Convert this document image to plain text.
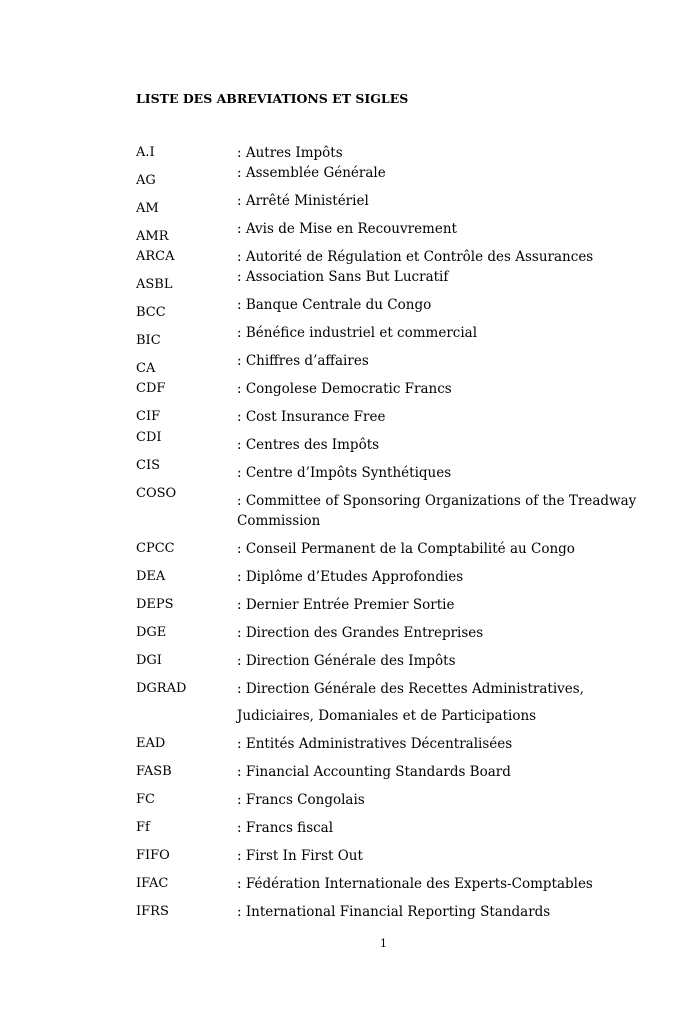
LISTE DES ABREVIATIONS ET SIGLES
A.I	: Autres Impôts
AG	: Assemblée Générale
AM	: Arrêté Ministériel
AMR	: Avis de Mise en Recouvrement
ARCA	: Autorité de Régulation et Contrôle des Assurances
ASBL	: Association Sans But Lucratif
BCC	: Banque Centrale du Congo
BIC	: Bénéfice industriel et commercial
CA	: Chiffres d’affaires
CDF	: Congolese Democratic Francs
CIF	: Cost Insurance Free
CDI	: Centres des Impôts
CIS	: Centre d’Impôts Synthétiques
COSO	: Committee of Sponsoring Organizations of the Treadway
Commission
CPCC	: Conseil Permanent de la Comptabilité au Congo
DEA	: Diplôme d’Etudes Approfondies
DEPS	: Dernier Entrée Premier Sortie
DGE	: Direction des Grandes Entreprises
DGI	: Direction Générale des Impôts
DGRAD	: Direction Générale des Recettes Administratives,
Judiciaires, Domaniales et de Participations
EAD	: Entités Administratives Décentralisées
FASB	: Financial Accounting Standards Board
FC	: Francs Congolais
Ff	: Francs fiscal
FIFO	: First In First Out
IFAC	: Fédération Internationale des Experts-Comptables
IFRS	: International Financial Reporting Standards
1
